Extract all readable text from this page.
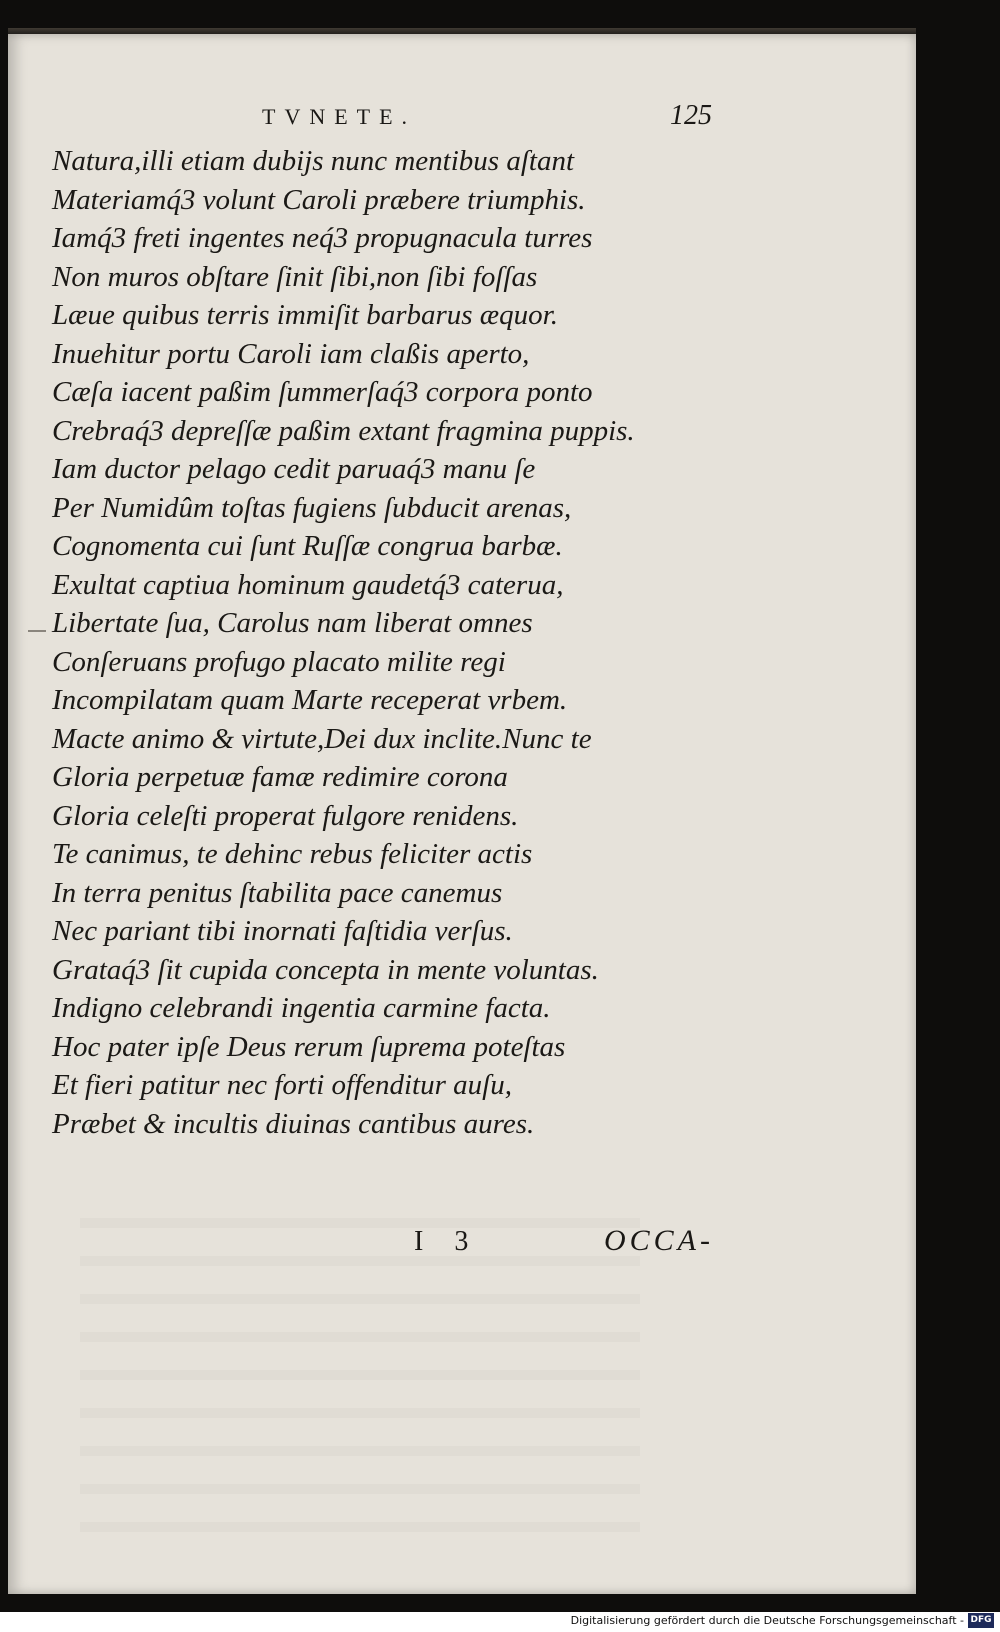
TVNETE.	125
Natura,illi etiam dubijs nunc mentibus aſtant
Materiamq́3 volunt Caroli præbere triumphis.
Iamq́3 freti ingentes neq́3 propugnacula turres
Non muros obſtare ſinit ſibi,non ſibi foſſas
Læue quibus terris immiſit barbarus æquor.
Inuehitur portu Caroli iam claßis aperto,
Cæſa iacent paßim ſummerſaq́3 corpora ponto
Crebraq́3 depreſſæ paßim extant fragmina puppis.
Iam ductor pelago cedit paruaq́3 manu ſe
Per Numidûm toſtas fugiens ſubducit arenas,
Cognomenta cui ſunt Ruſſæ congrua barbæ.
Exultat captiua hominum gaudetq́3 caterua,
Libertate ſua, Carolus nam liberat omnes
Conſeruans profugo placato milite regi
Incompilatam quam Marte receperat vrbem.
Macte animo & virtute,Dei dux inclite.Nunc te
Gloria perpetuæ famæ redimire corona
Gloria celeſti properat fulgore renidens.
Te canimus, te dehinc rebus feliciter actis
In terra penitus ſtabilita pace canemus
Nec pariant tibi inornati faſtidia verſus.
Grataq́3 ſit cupida concepta in mente voluntas.
Indigno celebrandi ingentia carmine facta.
Hoc pater ipſe Deus rerum ſuprema poteſtas
Et fieri patitur nec forti offenditur auſu,
Præbet & incultis diuinas cantibus aures.
I 3	OCCA-
Digitalisierung gefördert durch die Deutsche Forschungsgemeinschaft - DFG
